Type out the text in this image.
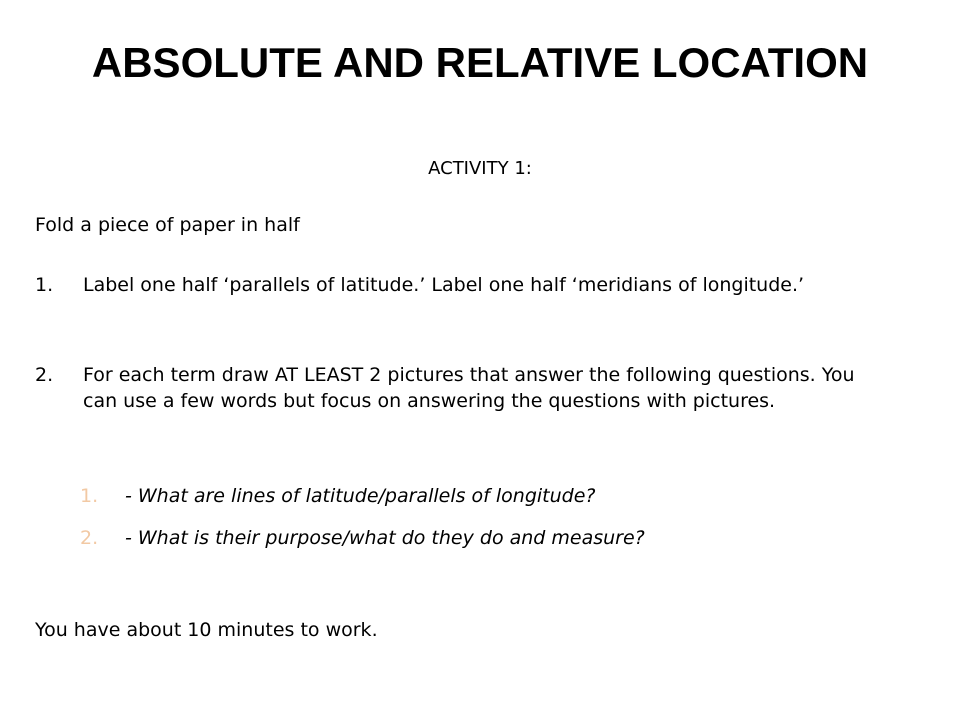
ABSOLUTE AND RELATIVE LOCATION

ACTIVITY 1:

Fold a piece of paper in half

1. Label one half ‘parallels of latitude.’ Label one half ‘meridians of longitude.’
2. For each term draw AT LEAST 2 pictures that answer the following questions. You can use a few words but focus on answering the questions with pictures.
1. - What are lines of latitude/parallels of longitude?
2. - What is their purpose/what do they do and measure?

You have about 10 minutes to work.
